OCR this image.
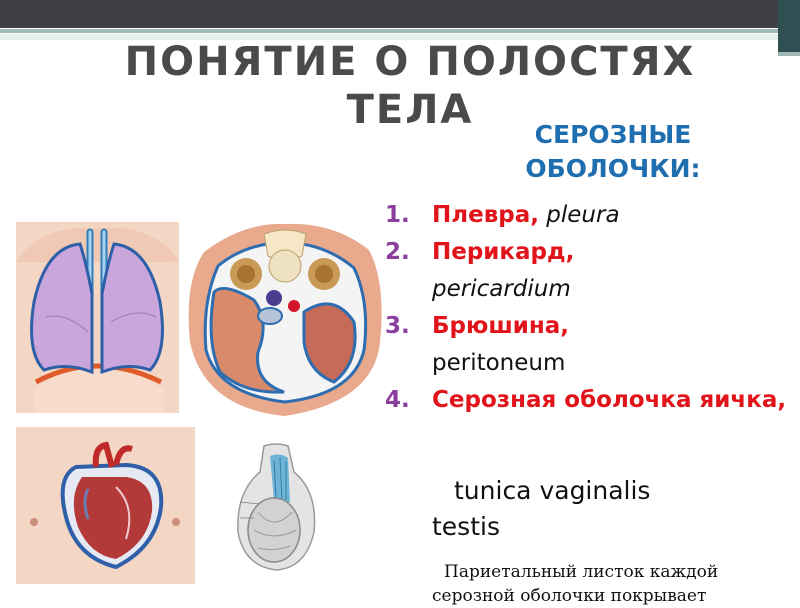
ПОНЯТИЕ О ПОЛОСТЯХ ТЕЛА
СЕРОЗНЫЕ ОБОЛОЧКИ:
1. Плевра, pleura
2. Перикард,
pericardium
3. Брюшина,
peritoneum
4. Серозная оболочка яичка,
tunica vaginalis
testis
Париетальный листок каждой серозной оболочки покрывает
